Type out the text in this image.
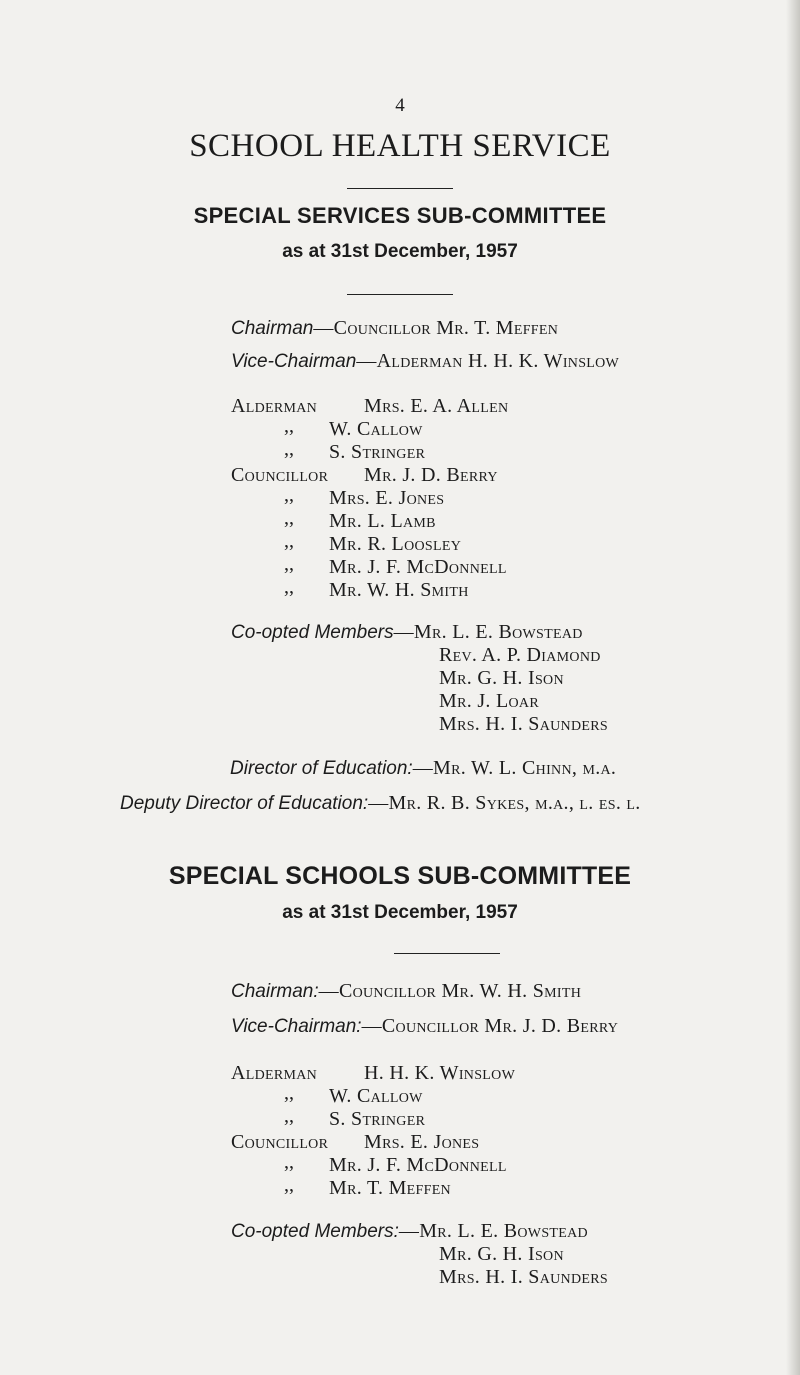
4
SCHOOL HEALTH SERVICE
SPECIAL SERVICES SUB-COMMITTEE
as at 31st December, 1957
Chairman—Councillor Mr. T. Meffen
Vice-Chairman—Alderman H. H. K. Winslow
Alderman Mrs. E. A. Allen
,, W. Callow
,, S. Stringer
Councillor Mr. J. D. Berry
,, Mrs. E. Jones
,, Mr. L. Lamb
,, Mr. R. Loosley
,, Mr. J. F. McDonnell
,, Mr. W. H. Smith
Co-opted Members—Mr. L. E. Bowstead
Rev. A. P. Diamond
Mr. G. H. Ison
Mr. J. Loar
Mrs. H. I. Saunders
Director of Education:—Mr. W. L. Chinn, m.a.
Deputy Director of Education:—Mr. R. B. Sykes, m.a., l. es. l.
SPECIAL SCHOOLS SUB-COMMITTEE
as at 31st December, 1957
Chairman:—Councillor Mr. W. H. Smith
Vice-Chairman:—Councillor Mr. J. D. Berry
Alderman H. H. K. Winslow
,, W. Callow
,, S. Stringer
Councillor Mrs. E. Jones
,, Mr. J. F. McDonnell
,, Mr. T. Meffen
Co-opted Members:—Mr. L. E. Bowstead
Mr. G. H. Ison
Mrs. H. I. Saunders
